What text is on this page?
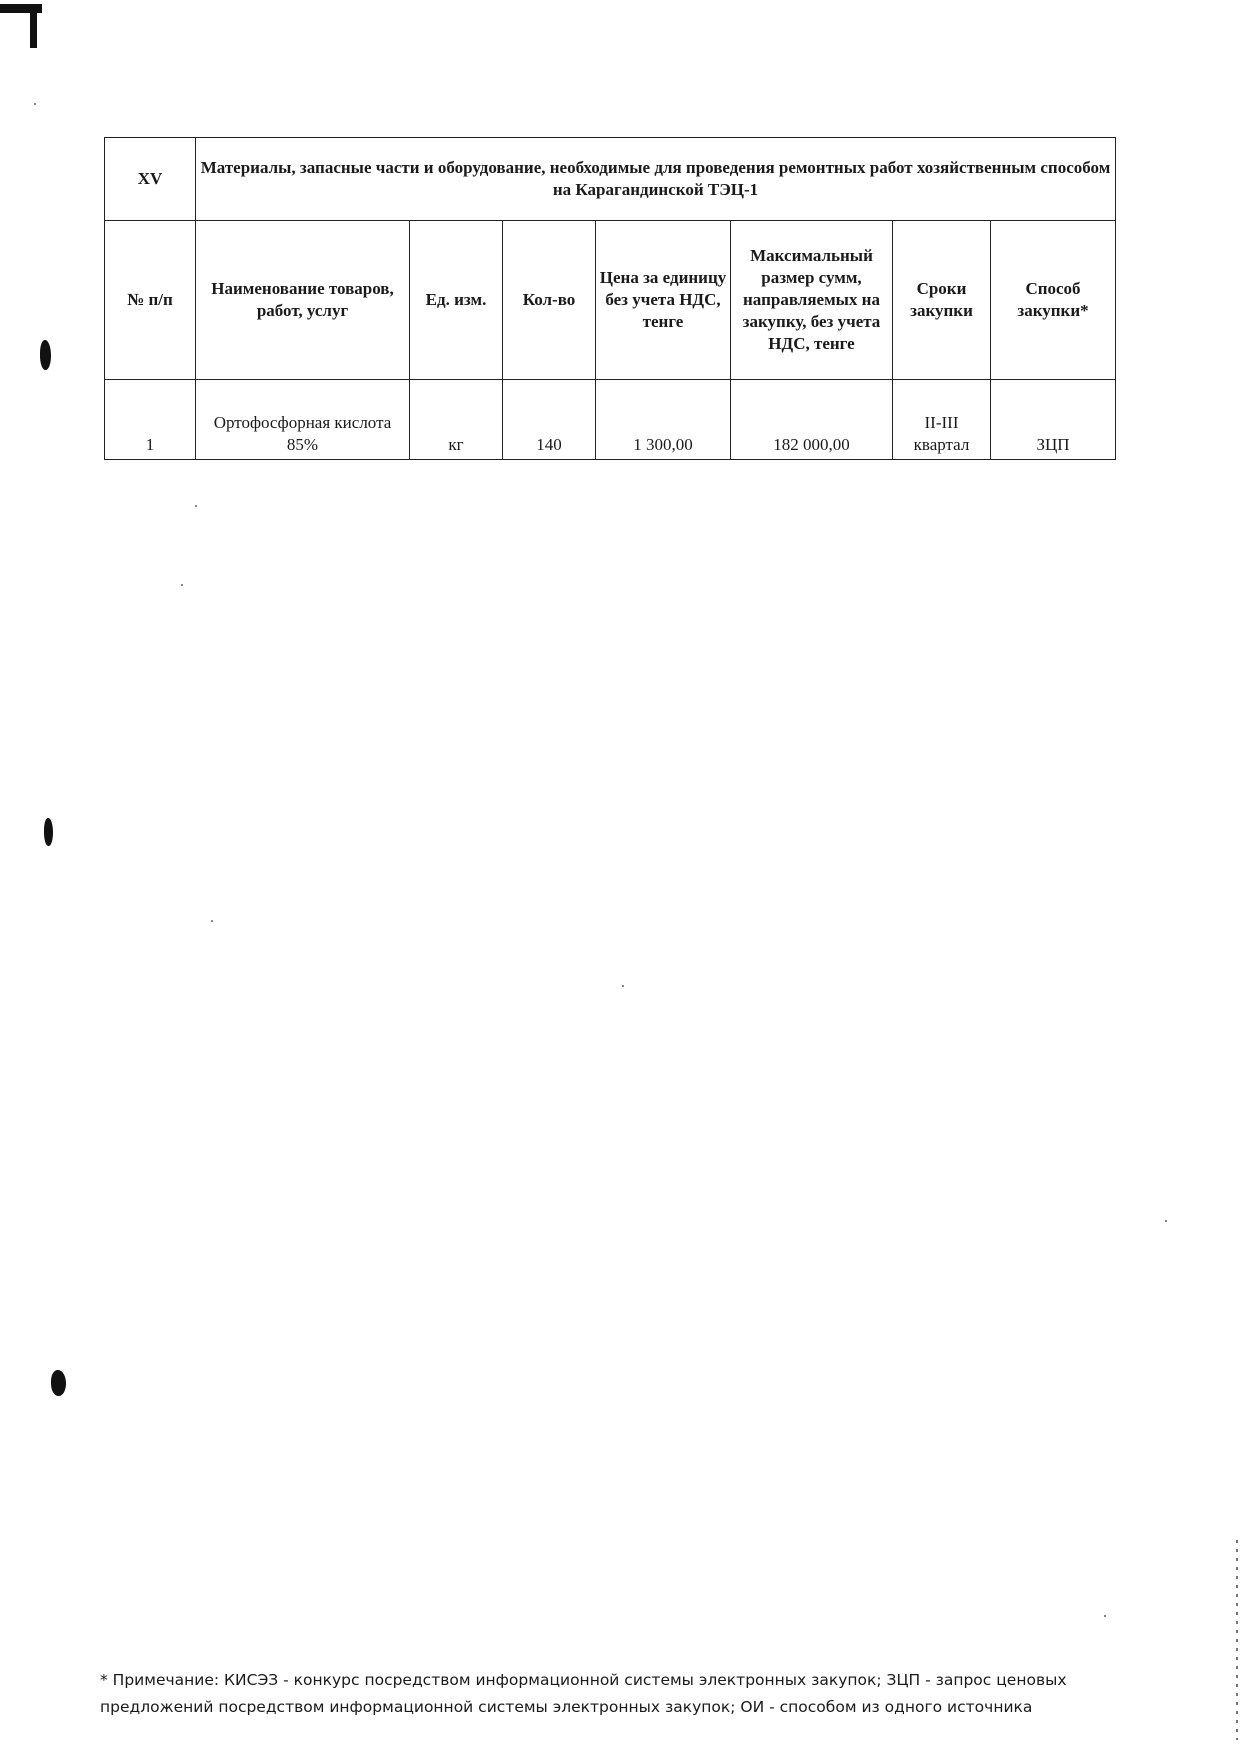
XV	Материалы, запасные части и оборудование, необходимые для проведения ремонтных работ хозяйственным способом на Карагандинской ТЭЦ-1						
№ п/п	Наименование товаров, работ, услуг	Ед. изм.	Кол-во	Цена за единицу без учета НДС, тенге	Максимальный размер сумм, направляемых на закупку, без учета НДС, тенге	Сроки закупки	Способ закупки*
1	Ортофосфорная кислота 85%	кг	140	1 300,00	182 000,00	II-III квартал	ЗЦП
* Примечание: КИСЭЗ - конкурс посредством информационной системы электронных закупок; ЗЦП - запрос ценовых предложений посредством информационной системы электронных закупок; ОИ - способом из одного источника
